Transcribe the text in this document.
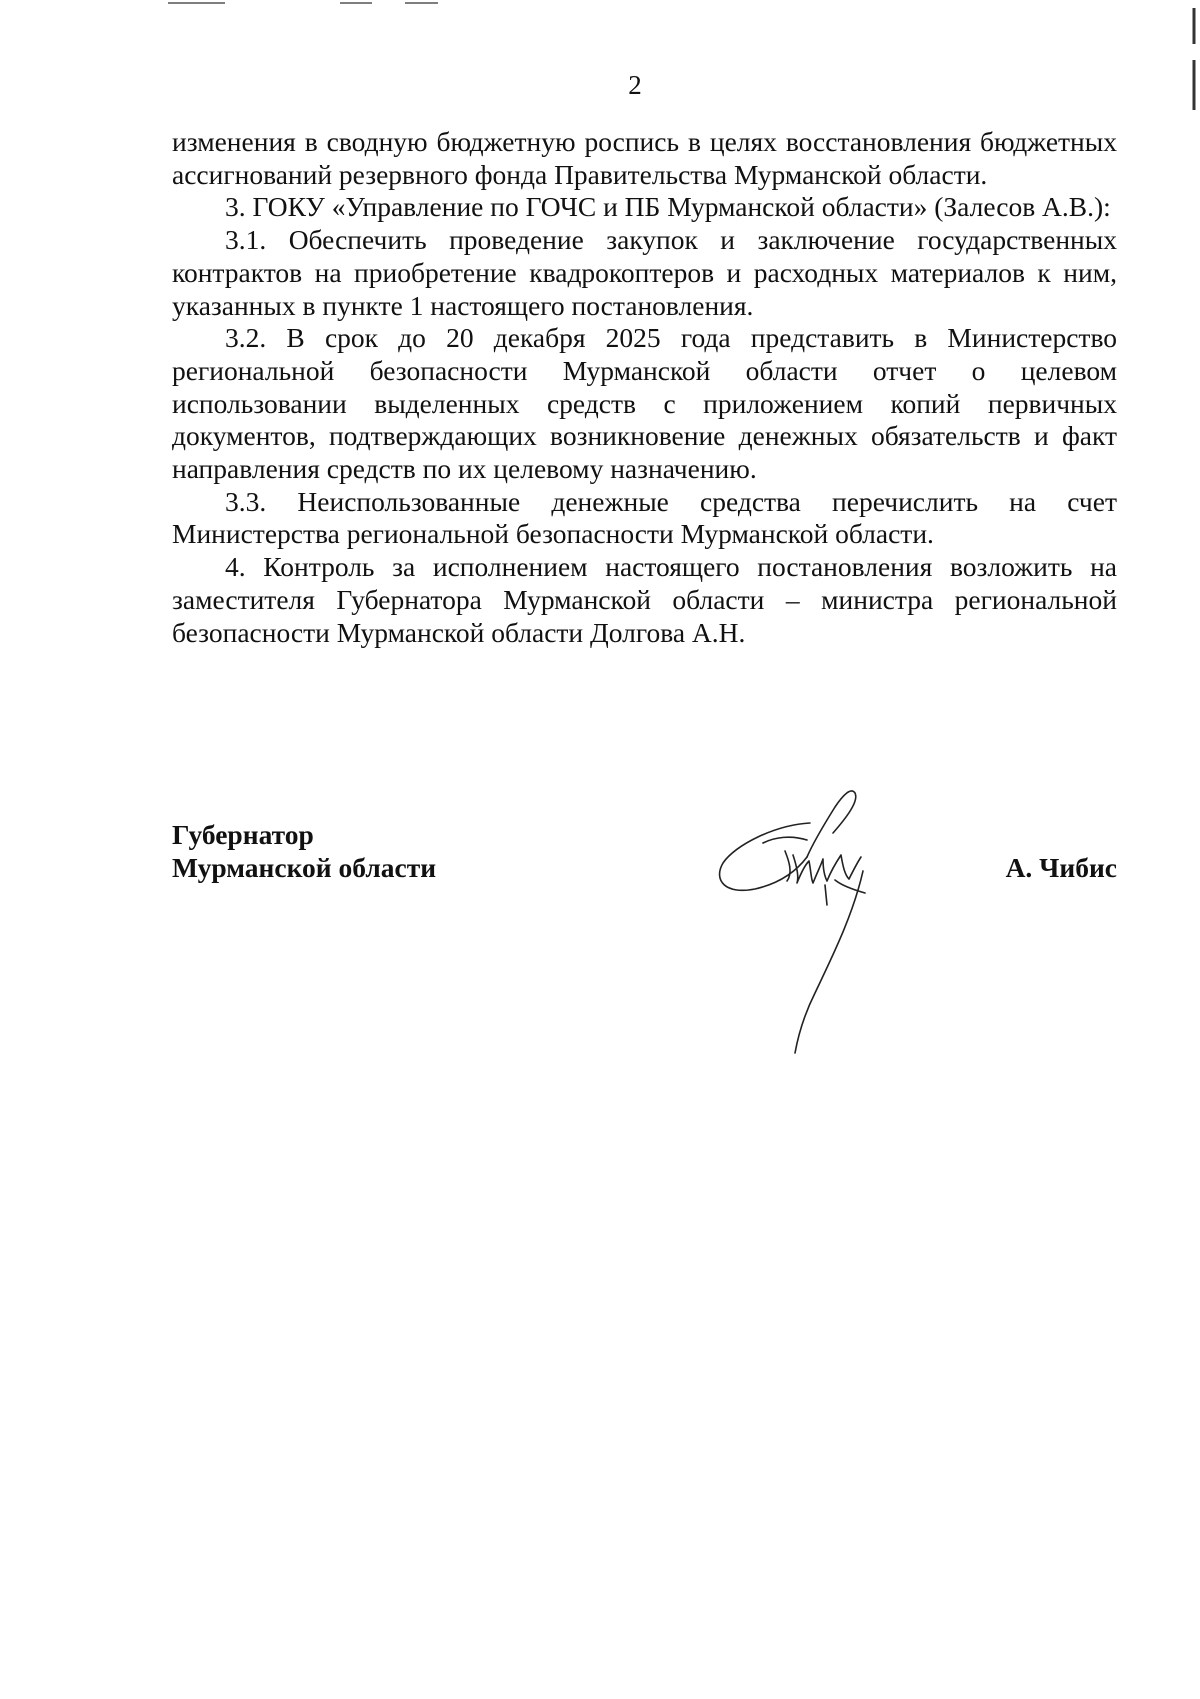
2

изменения в сводную бюджетную роспись в целях восстановления бюджетных ассигнований резервного фонда Правительства Мурманской области.

3. ГОКУ «Управление по ГОЧС и ПБ Мурманской области» (Залесов А.В.):

3.1. Обеспечить проведение закупок и заключение государственных контрактов на приобретение квадрокоптеров и расходных материалов к ним, указанных в пункте 1 настоящего постановления.

3.2. В срок до 20 декабря 2025 года представить в Министерство региональной безопасности Мурманской области отчет о целевом использовании выделенных средств с приложением копий первичных документов, подтверждающих возникновение денежных обязательств и факт направления средств по их целевому назначению.

3.3. Неиспользованные денежные средства перечислить на счет Министерства региональной безопасности Мурманской области.

4. Контроль за исполнением настоящего постановления возложить на заместителя Губернатора Мурманской области – министра региональной безопасности Мурманской области Долгова А.Н.

Губернатор
Мурманской области	А. Чибис
